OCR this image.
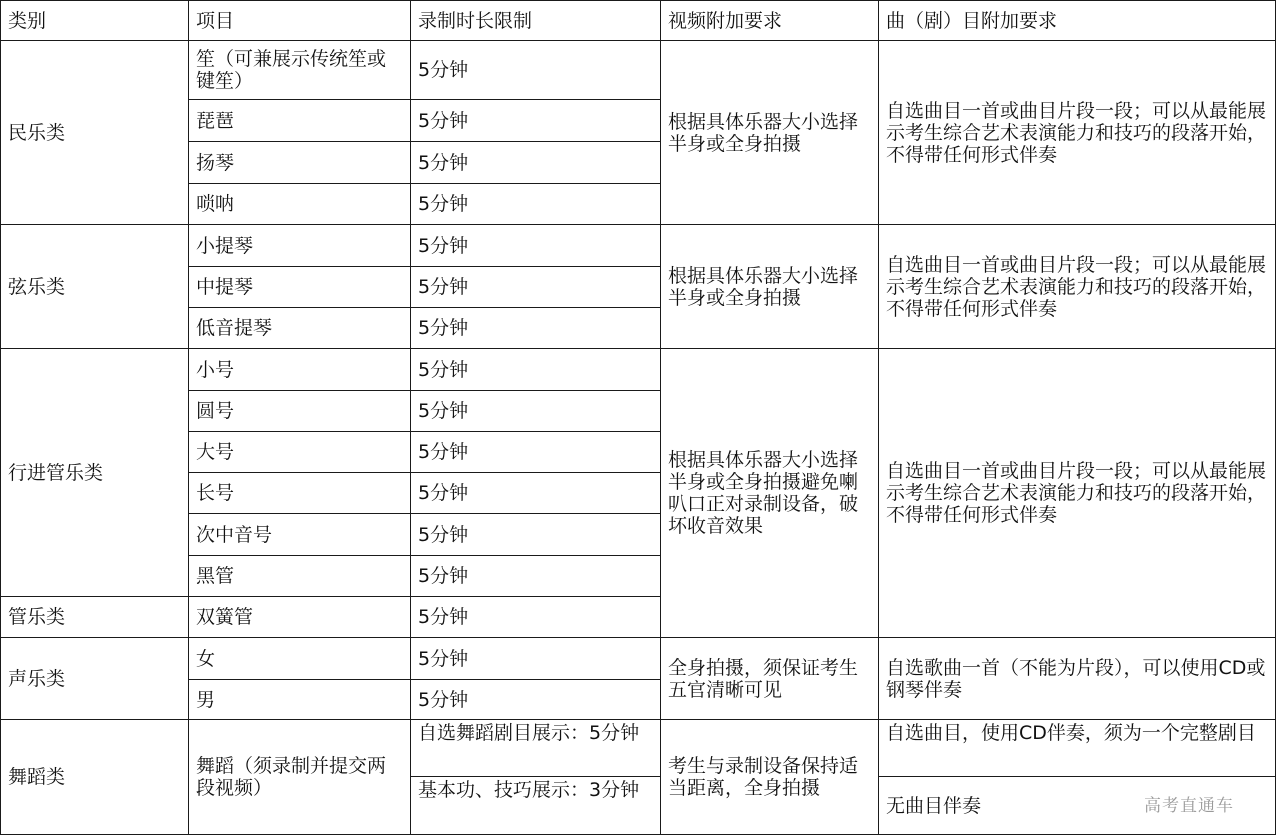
类别	项目	录制时长限制	视频附加要求	曲（剧）目附加要求
民乐类	笙（可兼展示传统笙或键笙）	5分钟	根据具体乐器大小选择半身或全身拍摄	自选曲目一首或曲目片段一段；可以从最能展示考生综合艺术表演能力和技巧的段落开始，不得带任何形式伴奏
	琵琶	5分钟		
	扬琴	5分钟		
	唢呐	5分钟		
弦乐类	小提琴	5分钟	根据具体乐器大小选择半身或全身拍摄	自选曲目一首或曲目片段一段；可以从最能展示考生综合艺术表演能力和技巧的段落开始，不得带任何形式伴奏
	中提琴	5分钟		
	低音提琴	5分钟		
行进管乐类	小号	5分钟	根据具体乐器大小选择半身或全身拍摄避免喇叭口正对录制设备，破坏收音效果	自选曲目一首或曲目片段一段；可以从最能展示考生综合艺术表演能力和技巧的段落开始，不得带任何形式伴奏
	圆号	5分钟		
	大号	5分钟		
	长号	5分钟		
	次中音号	5分钟		
	黑管	5分钟		
管乐类	双簧管	5分钟		
声乐类	女	5分钟	全身拍摄，须保证考生五官清晰可见	自选歌曲一首（不能为片段），可以使用CD或钢琴伴奏
	男	5分钟		
舞蹈类	舞蹈（须录制并提交两段视频）	自选舞蹈剧目展示：5分钟	考生与录制设备保持适当距离，全身拍摄	自选曲目，使用CD伴奏，须为一个完整剧目
		基本功、技巧展示：3分钟		无曲目伴奏	高考直通车
